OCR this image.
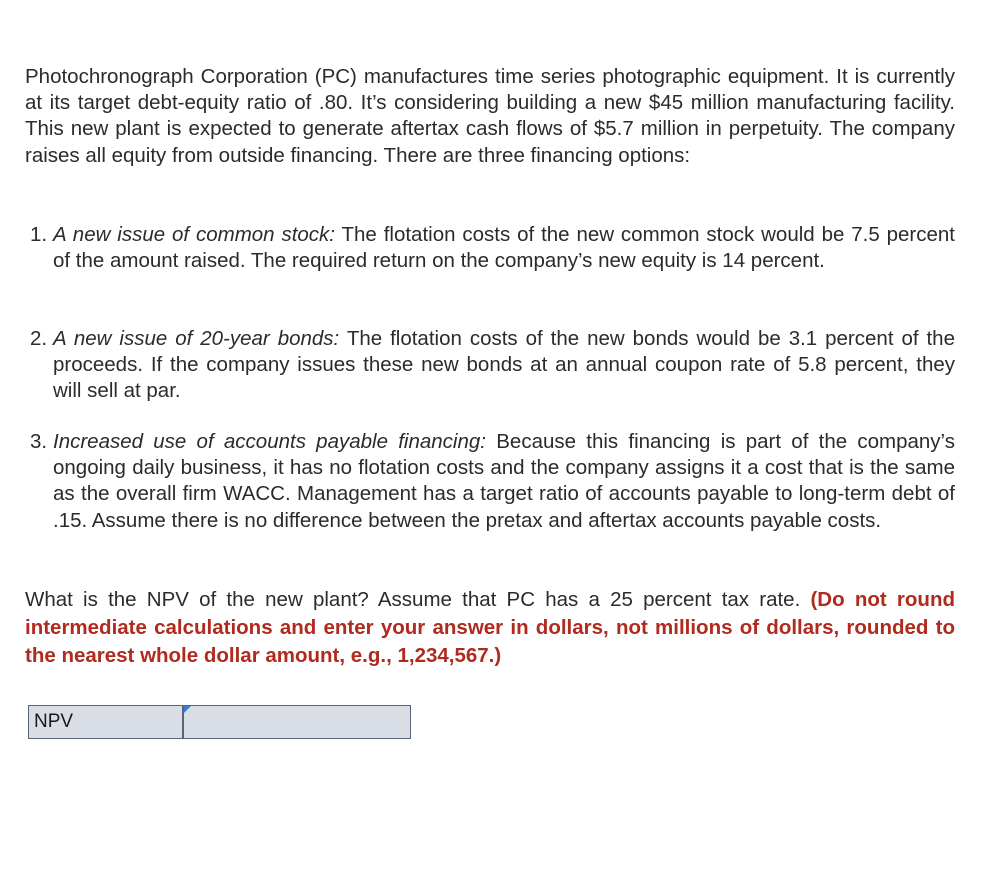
Photochronograph Corporation (PC) manufactures time series photographic equipment. It is currently at its target debt-equity ratio of .80. It’s considering building a new $45 million manufacturing facility. This new plant is expected to generate aftertax cash flows of $5.7 million in perpetuity. The company raises all equity from outside financing. There are three financing options:

1. A new issue of common stock: The flotation costs of the new common stock would be 7.5 percent of the amount raised. The required return on the company’s new equity is 14 percent.
2. A new issue of 20-year bonds: The flotation costs of the new bonds would be 3.1 percent of the proceeds. If the company issues these new bonds at an annual coupon rate of 5.8 percent, they will sell at par.
3. Increased use of accounts payable financing: Because this financing is part of the company’s ongoing daily business, it has no flotation costs and the company assigns it a cost that is the same as the overall firm WACC. Management has a target ratio of accounts payable to long-term debt of .15. Assume there is no difference between the pretax and aftertax accounts payable costs.

What is the NPV of the new plant? Assume that PC has a 25 percent tax rate. (Do not round intermediate calculations and enter your answer in dollars, not millions of dollars, rounded to the nearest whole dollar amount, e.g., 1,234,567.)

NPV
